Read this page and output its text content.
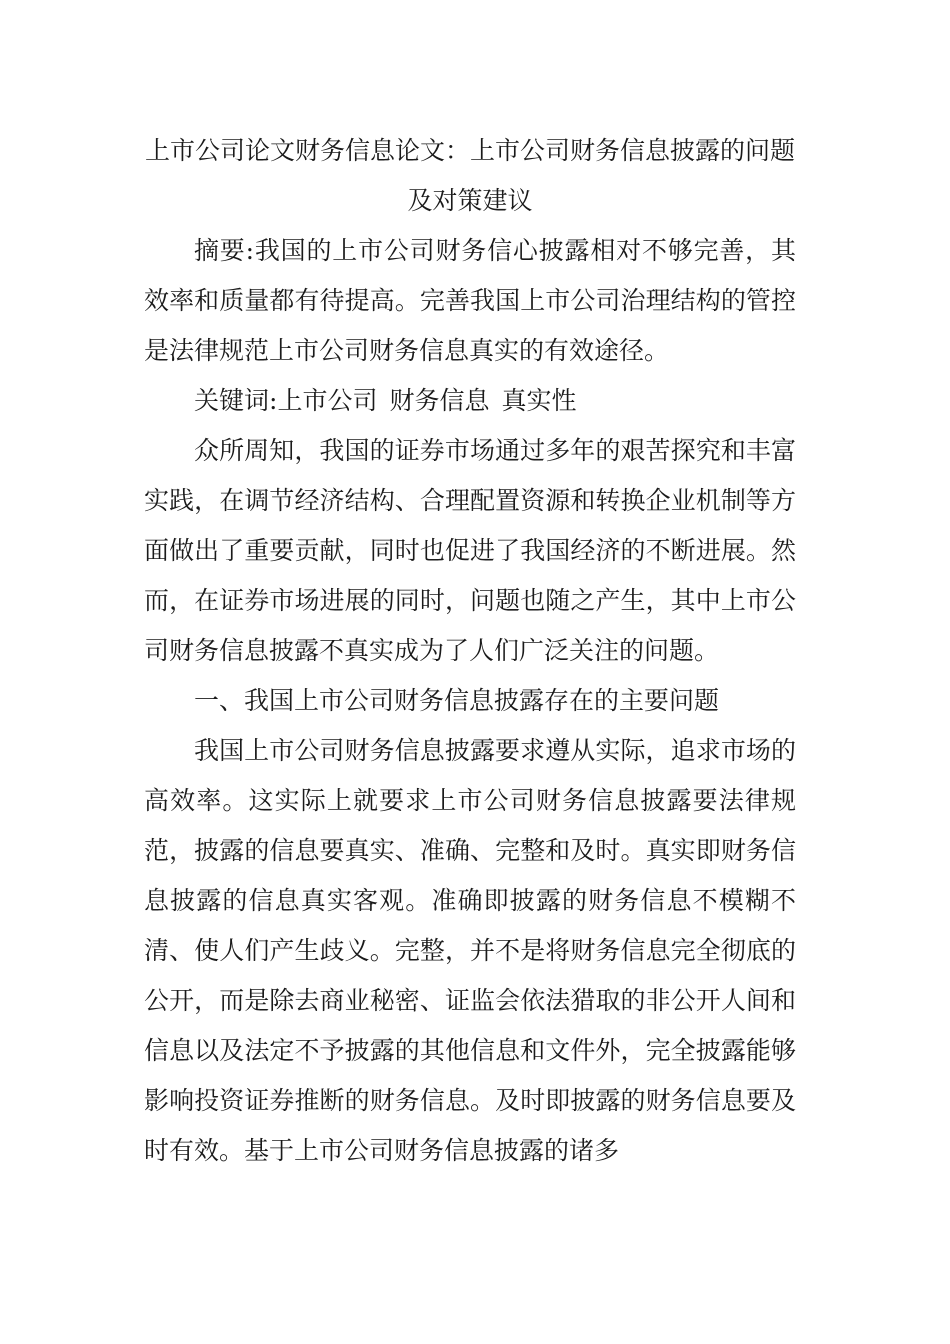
上市公司论文财务信息论文：上市公司财务信息披露的问题及对策建议

摘要:我国的上市公司财务信心披露相对不够完善，其效率和质量都有待提高。完善我国上市公司治理结构的管控是法律规范上市公司财务信息真实的有效途径。

关键词:上市公司 财务信息 真实性

众所周知，我国的证券市场通过多年的艰苦探究和丰富实践，在调节经济结构、合理配置资源和转换企业机制等方面做出了重要贡献，同时也促进了我国经济的不断进展。然而，在证券市场进展的同时，问题也随之产生，其中上市公司财务信息披露不真实成为了人们广泛关注的问题。

一、我国上市公司财务信息披露存在的主要问题

我国上市公司财务信息披露要求遵从实际，追求市场的高效率。这实际上就要求上市公司财务信息披露要法律规范，披露的信息要真实、准确、完整和及时。真实即财务信息披露的信息真实客观。准确即披露的财务信息不模糊不清、使人们产生歧义。完整，并不是将财务信息完全彻底的公开，而是除去商业秘密、证监会依法猎取的非公开人间和信息以及法定不予披露的其他信息和文件外，完全披露能够影响投资证券推断的财务信息。及时即披露的财务信息要及时有效。基于上市公司财务信息披露的诸多
